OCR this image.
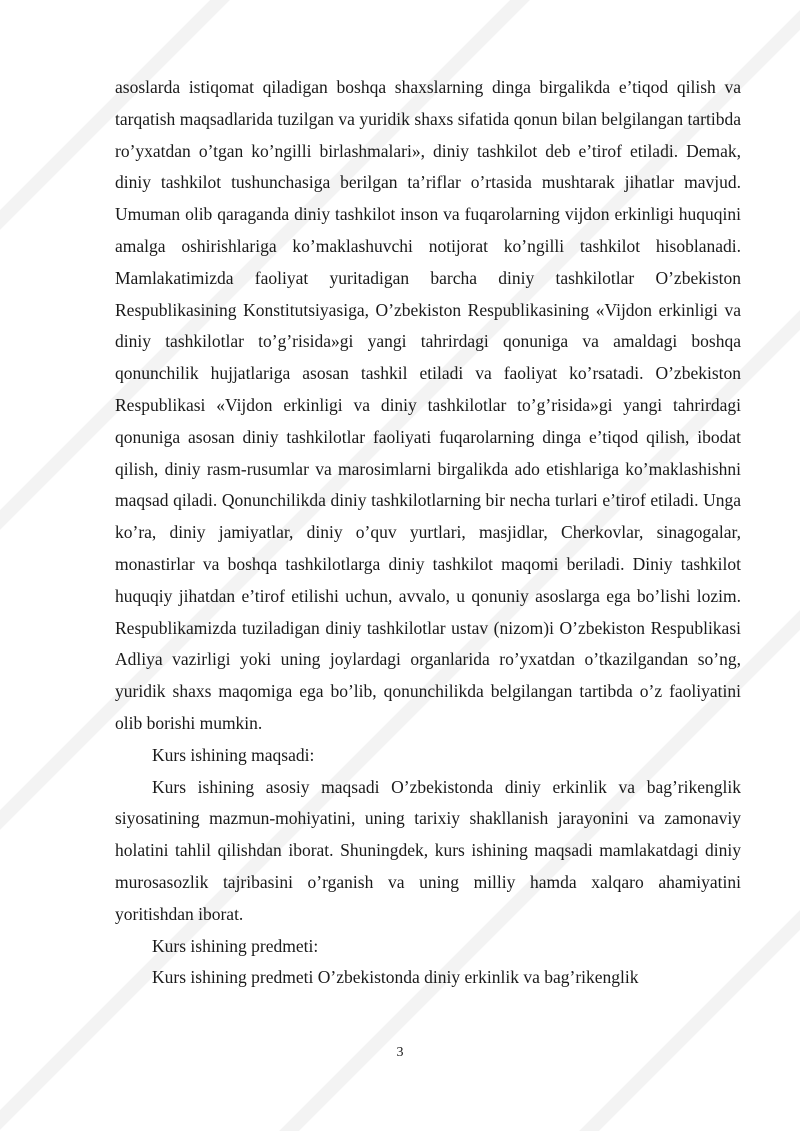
asoslarda istiqomat qiladigan boshqa shaxslarning dinga birgalikda e’tiqod qilish va tarqatish maqsadlarida tuzilgan va yuridik shaxs sifatida qonun bilan belgilangan tartibda ro’yxatdan o’tgan ko’ngilli birlashmalari», diniy tashkilot deb e’tirof etiladi. Demak, diniy tashkilot tushunchasiga berilgan ta’riflar o’rtasida mushtarak jihatlar mavjud. Umuman olib qaraganda diniy tashkilot inson va fuqarolarning vijdon erkinligi huquqini amalga oshirishlariga ko’maklashuvchi notijorat ko’ngilli tashkilot hisoblanadi. Mamlakatimizda faoliyat yuritadigan barcha diniy tashkilotlar O’zbekiston Respublikasining Konstitutsiyasiga, O’zbekiston Respublikasining «Vijdon erkinligi va diniy tashkilotlar to’g’risida»gi yangi tahrirdagi qonuniga va amaldagi boshqa qonunchilik hujjatlariga asosan tashkil etiladi va faoliyat ko’rsatadi. O’zbekiston Respublikasi «Vijdon erkinligi va diniy tashkilotlar to’g’risida»gi yangi tahrirdagi qonuniga asosan diniy tashkilotlar faoliyati fuqarolarning dinga e’tiqod qilish, ibodat qilish, diniy rasm-rusumlar va marosimlarni birgalikda ado etishlariga ko’maklashishni maqsad qiladi. Qonunchilikda diniy tashkilotlarning bir necha turlari e’tirof etiladi. Unga ko’ra, diniy jamiyatlar, diniy o’quv yurtlari, masjidlar, Cherkovlar, sinagogalar, monastirlar va boshqa tashkilotlarga diniy tashkilot maqomi beriladi. Diniy tashkilot huquqiy jihatdan e’tirof etilishi uchun, avvalo, u qonuniy asoslarga ega bo’lishi lozim. Respublikamizda tuziladigan diniy tashkilotlar ustav (nizom)i O’zbekiston Respublikasi Adliya vazirligi yoki uning joylardagi organlarida ro’yxatdan o’tkazilgandan so’ng, yuridik shaxs maqomiga ega bo’lib, qonunchilikda belgilangan tartibda o’z faoliyatini olib borishi mumkin.

Kurs ishining maqsadi:

Kurs ishining asosiy maqsadi O’zbekistonda diniy erkinlik va bag’rikenglik siyosatining mazmun-mohiyatini, uning tarixiy shakllanish jarayonini va zamonaviy holatini tahlil qilishdan iborat. Shuningdek, kurs ishining maqsadi mamlakatdagi diniy murosasozlik tajribasini o’rganish va uning milliy hamda xalqaro ahamiyatini yoritishdan iborat.

Kurs ishining predmeti:

Kurs ishining predmeti O’zbekistonda diniy erkinlik va bag’rikenglik

3
